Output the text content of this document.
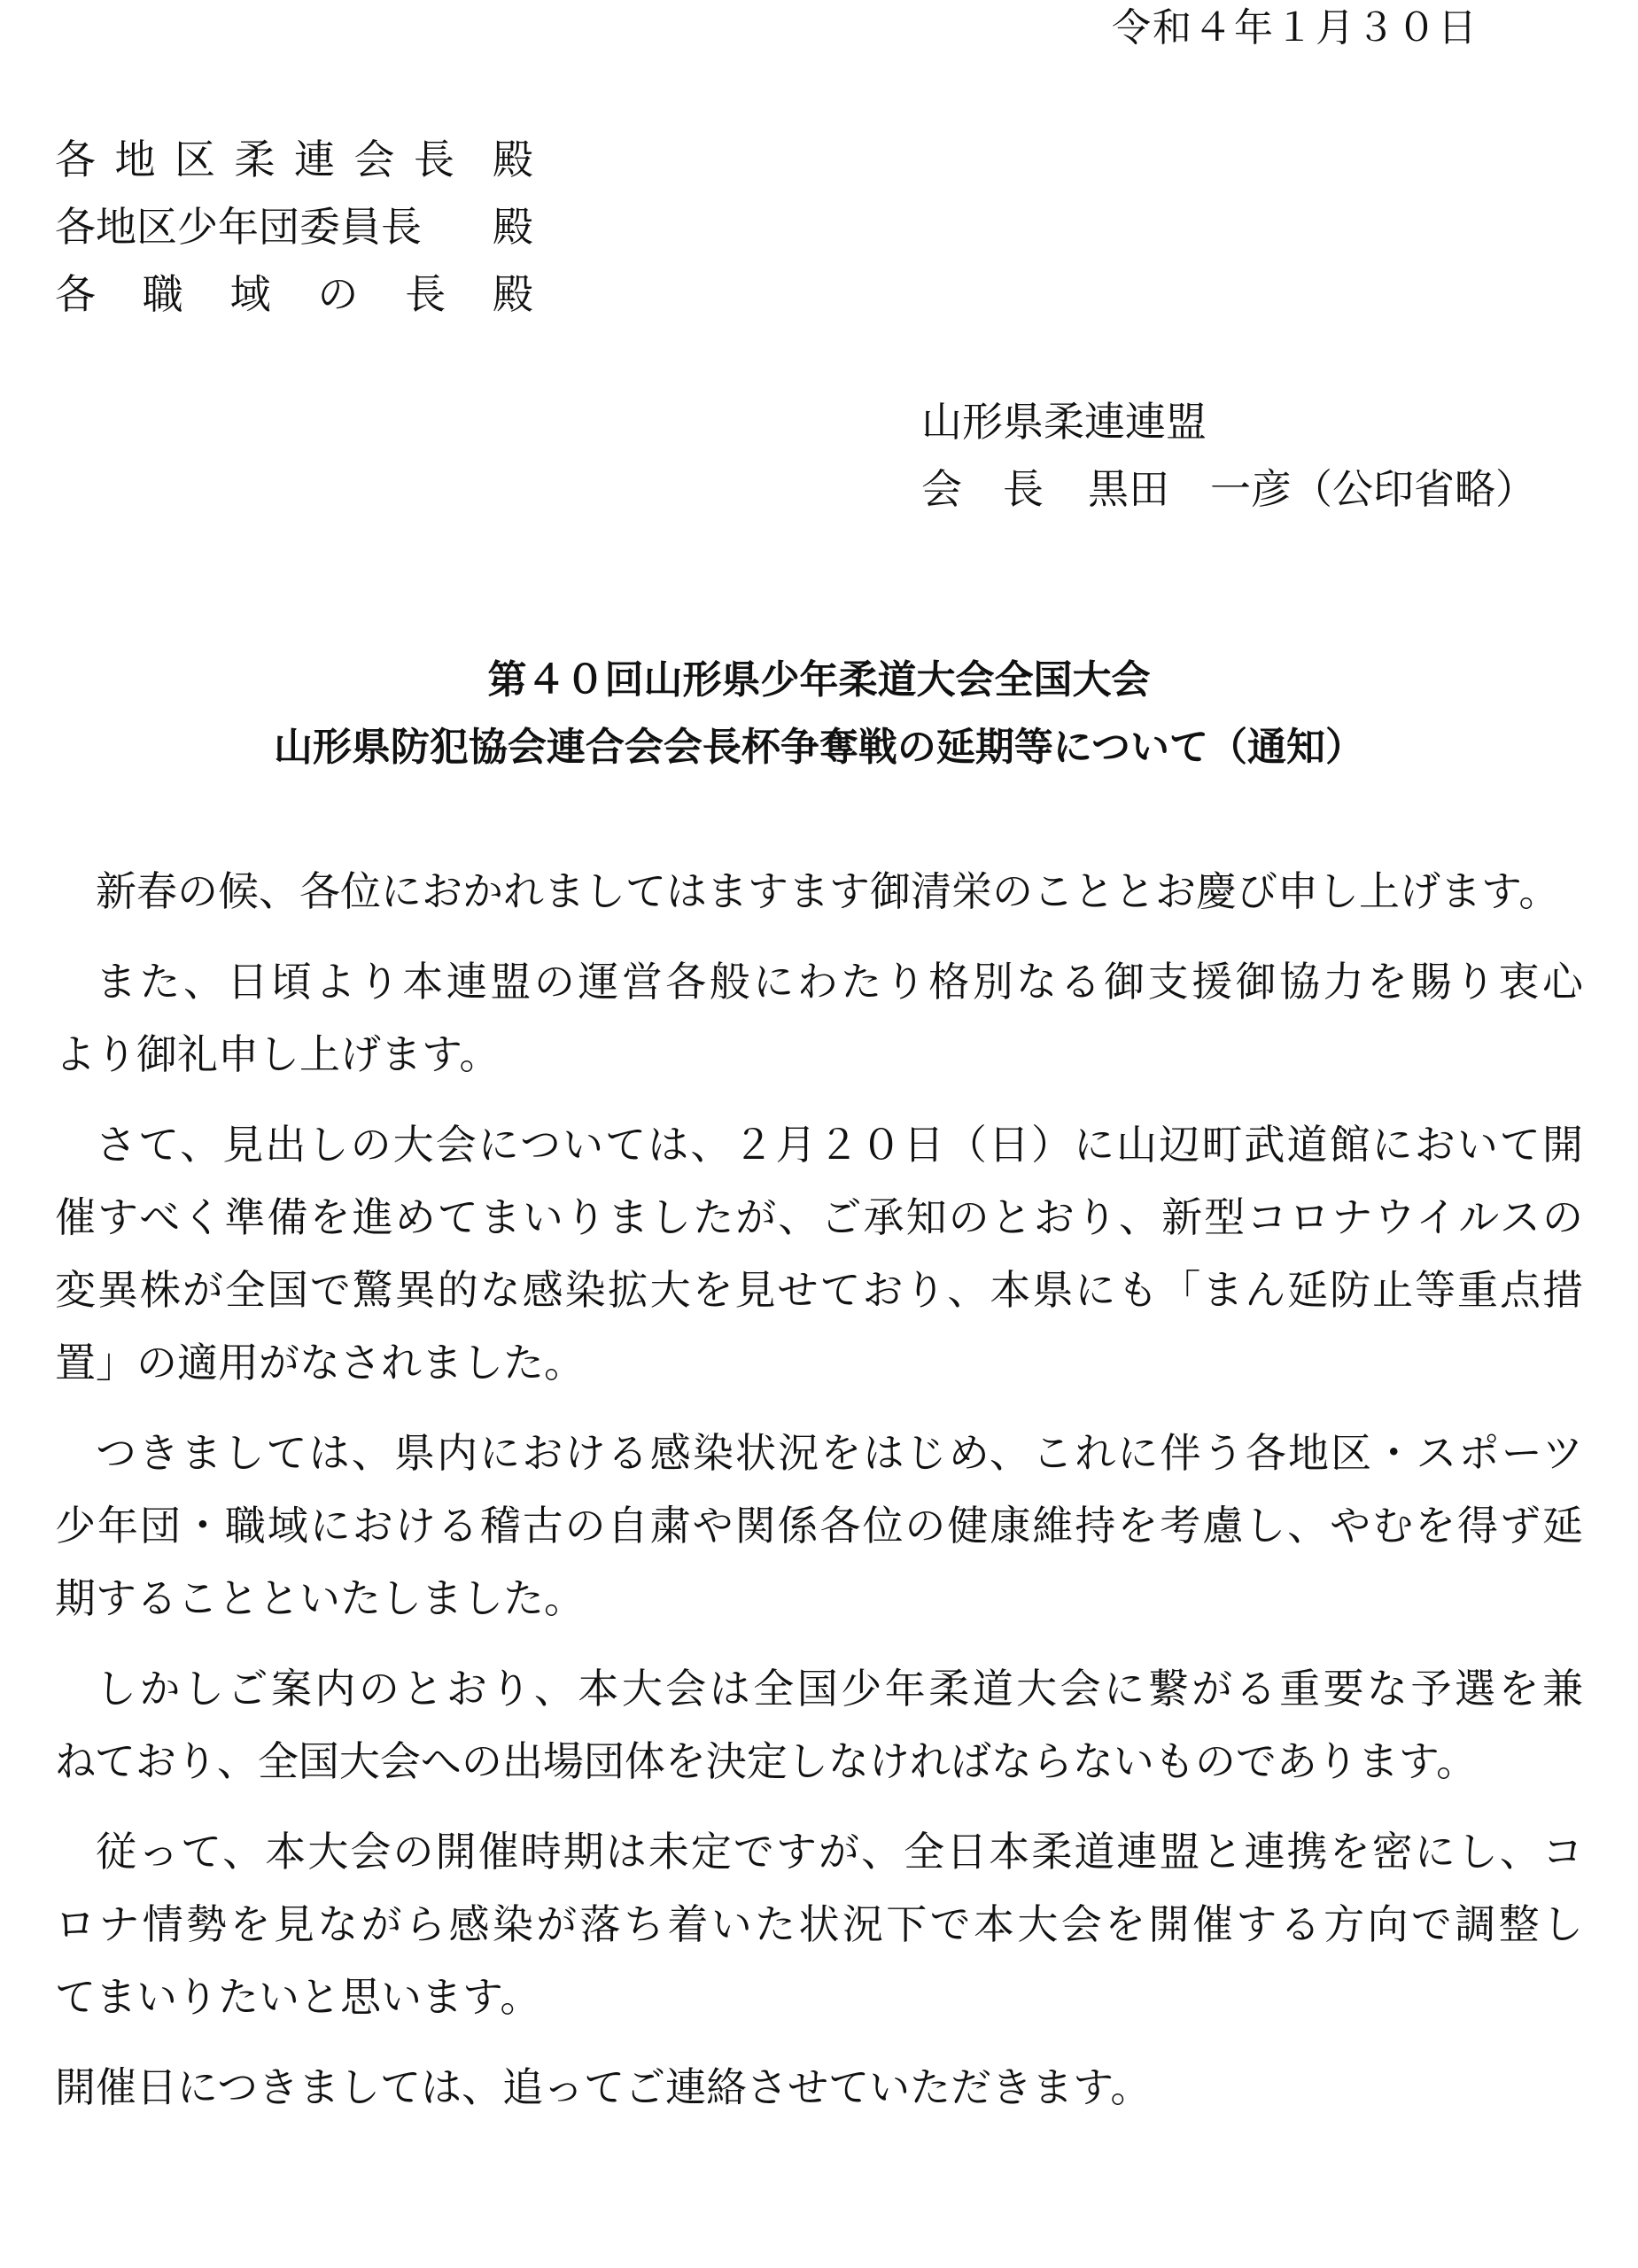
令和４年１月３０日
各 地 区 柔 連 会 長 殿
各地区少年団委員長 殿
各 職 域 の 長 殿
山形県柔連連盟
会　長 黒田　一彦（公印省略）
第４０回山形県少年柔道大会全国大会
山形県防犯協会連合会会長杯争奪戦の延期等について（通知）
新春の候、各位におかれましてはますます御清栄のこととお慶び申し上げます。
また、日頃より本連盟の運営各般にわたり格別なる御支援御協力を賜り衷心
より御礼申し上げます。
さて、見出しの大会については、２月２０日（日）に山辺町武道館において開
催すべく準備を進めてまいりましたが、ご承知のとおり、新型コロナウイルスの
変異株が全国で驚異的な感染拡大を見せており、本県にも「まん延防止等重点措
置」の適用がなされました。
つきましては、県内における感染状況をはじめ、これに伴う各地区・スポーツ
少年団・職域における稽古の自粛や関係各位の健康維持を考慮し、やむを得ず延
期することといたしました。
しかしご案内のとおり、本大会は全国少年柔道大会に繋がる重要な予選を兼
ねており、全国大会への出場団体を決定しなければならないものであります。
従って、本大会の開催時期は未定ですが、全日本柔道連盟と連携を密にし、コ
ロナ情勢を見ながら感染が落ち着いた状況下で本大会を開催する方向で調整し
てまいりたいと思います。
開催日につきましては、追ってご連絡させていただきます。
